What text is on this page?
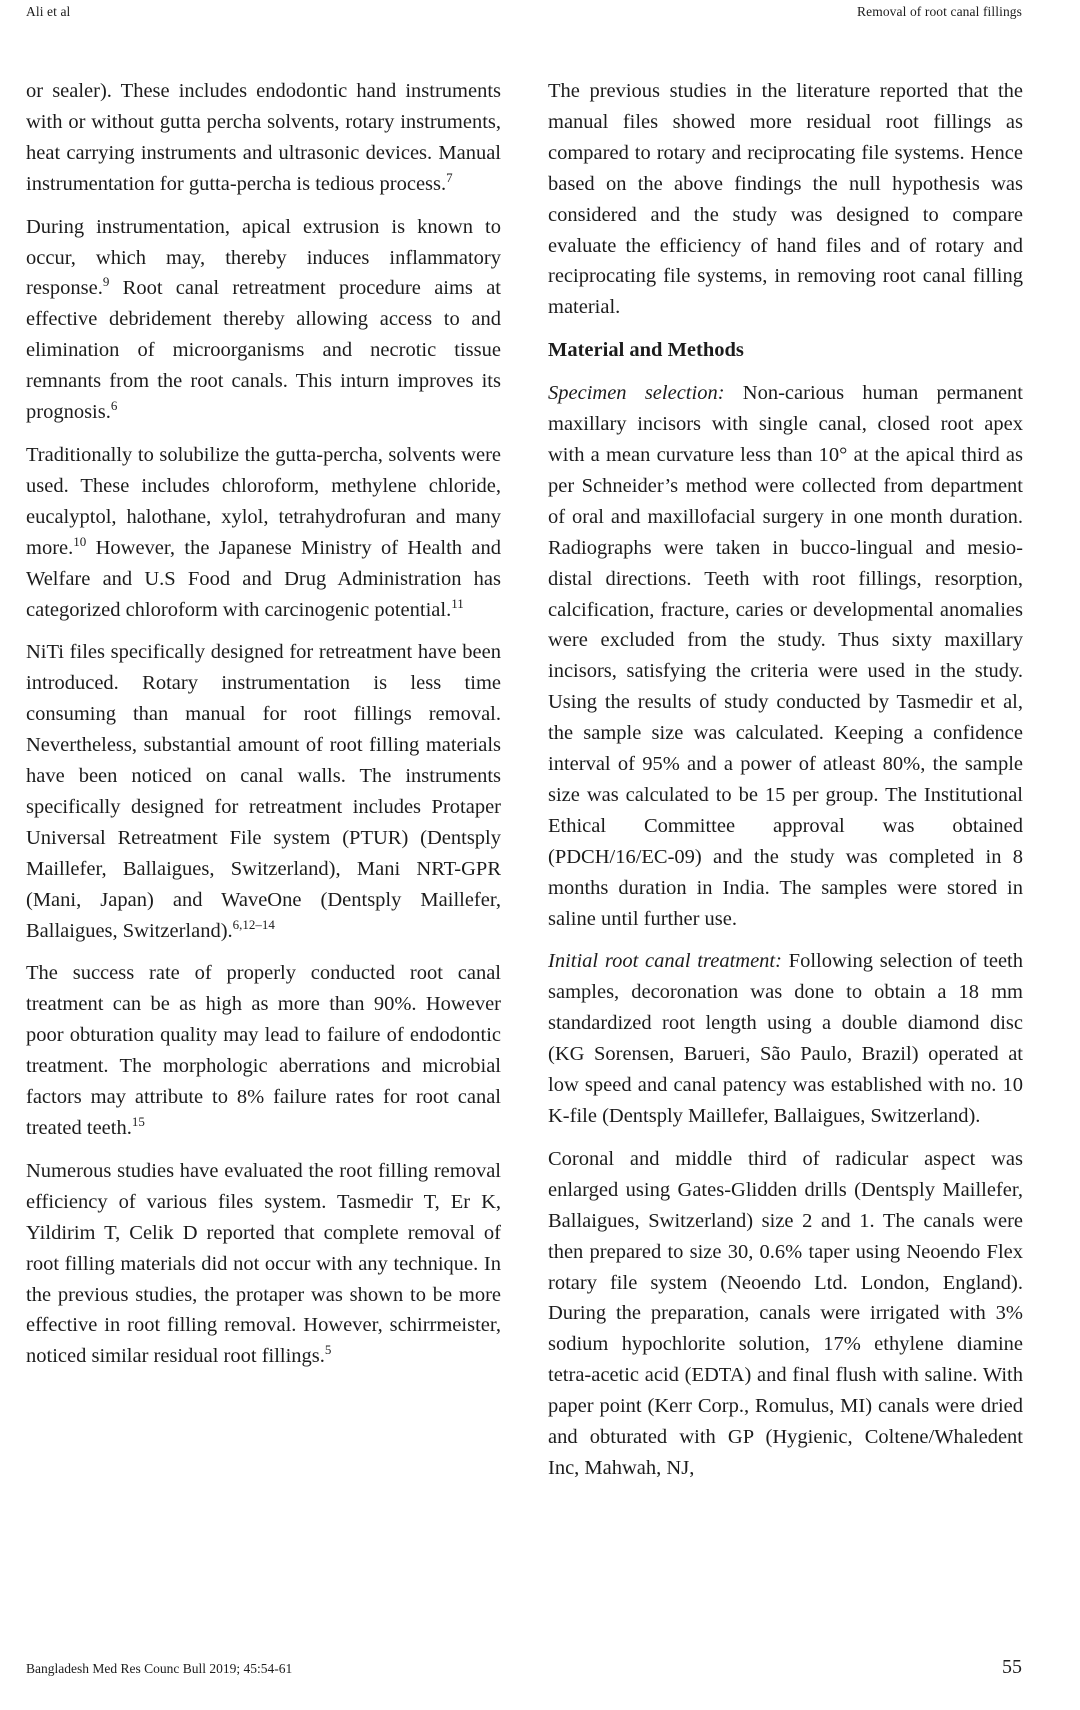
Ali et al	Removal of root canal fillings

or sealer). These includes endodontic hand instruments with or without gutta percha solvents, rotary instruments, heat carrying instruments and ultrasonic devices. Manual instrumentation for gutta-percha is tedious process.$^7$

During instrumentation, apical extrusion is known to occur, which may, thereby induces inflammatory response.$^9$ Root canal retreatment procedure aims at effective debridement thereby allowing access to and elimination of microorganisms and necrotic tissue remnants from the root canals. This inturn improves its prognosis.$^6$

Traditionally to solubilize the gutta-percha, solvents were used. These includes chloroform, methylene chloride, eucalyptol, halothane, xylol, tetrahydrofuran and many more.$^{10}$ However, the Japanese Ministry of Health and Welfare and U.S Food and Drug Administration has categorized chloroform with carcinogenic potential.$^{11}$

NiTi files specifically designed for retreatment have been introduced. Rotary instrumentation is less time consuming than manual for root fillings removal. Nevertheless, substantial amount of root filling materials have been noticed on canal walls. The instruments specifically designed for retreatment includes Protaper Universal Retreatment File system (PTUR) (Dentsply Maillefer, Ballaigues, Switzerland), Mani NRT-GPR (Mani, Japan) and WaveOne (Dentsply Maillefer, Ballaigues, Switzerland).$^{6,12-14}$

The success rate of properly conducted root canal treatment can be as high as more than 90%. However poor obturation quality may lead to failure of endodontic treatment. The morphologic aberrations and microbial factors may attribute to 8% failure rates for root canal treated teeth.$^{15}$

Numerous studies have evaluated the root filling removal efficiency of various files system. Tasmedir T, Er K, Yildirim T, Celik D reported that complete removal of root filling materials did not occur with any technique. In the previous studies, the protaper was shown to be more effective in root filling removal. However, schirrmeister, noticed similar residual root fillings.$^5$

The previous studies in the literature reported that the manual files showed more residual root fillings as compared to rotary and reciprocating file systems. Hence based on the above findings the null hypothesis was considered and the study was designed to compare evaluate the efficiency of hand files and of rotary and reciprocating file systems, in removing root canal filling material.

Material and Methods

Specimen selection: Non-carious human permanent maxillary incisors with single canal, closed root apex with a mean curvature less than 10° at the apical third as per Schneider’s method were collected from department of oral and maxillofacial surgery in one month duration. Radiographs were taken in bucco-lingual and mesio-distal directions. Teeth with root fillings, resorption, calcification, fracture, caries or developmental anomalies were excluded from the study. Thus sixty maxillary incisors, satisfying the criteria were used in the study. Using the results of study conducted by Tasmedir et al, the sample size was calculated. Keeping a confidence interval of 95% and a power of atleast 80%, the sample size was calculated to be 15 per group. The Institutional Ethical Committee approval was obtained (PDCH/16/EC-09) and the study was completed in 8 months duration in India. The samples were stored in saline until further use.

Initial root canal treatment: Following selection of teeth samples, decoronation was done to obtain a 18 mm standardized root length using a double diamond disc (KG Sorensen, Barueri, São Paulo, Brazil) operated at low speed and canal patency was established with no. 10 K-file (Dentsply Maillefer, Ballaigues, Switzerland).

Coronal and middle third of radicular aspect was enlarged using Gates-Glidden drills (Dentsply Maillefer, Ballaigues, Switzerland) size 2 and 1. The canals were then prepared to size 30, 0.6% taper using Neoendo Flex rotary file system (Neoendo Ltd. London, England). During the preparation, canals were irrigated with 3% sodium hypochlorite solution, 17% ethylene diamine tetra-acetic acid (EDTA) and final flush with saline. With paper point (Kerr Corp., Romulus, MI) canals were dried and obturated with GP (Hygienic, Coltene/Whaledent Inc, Mahwah, NJ,

Bangladesh Med Res Counc Bull 2019; 45:54-61	55
